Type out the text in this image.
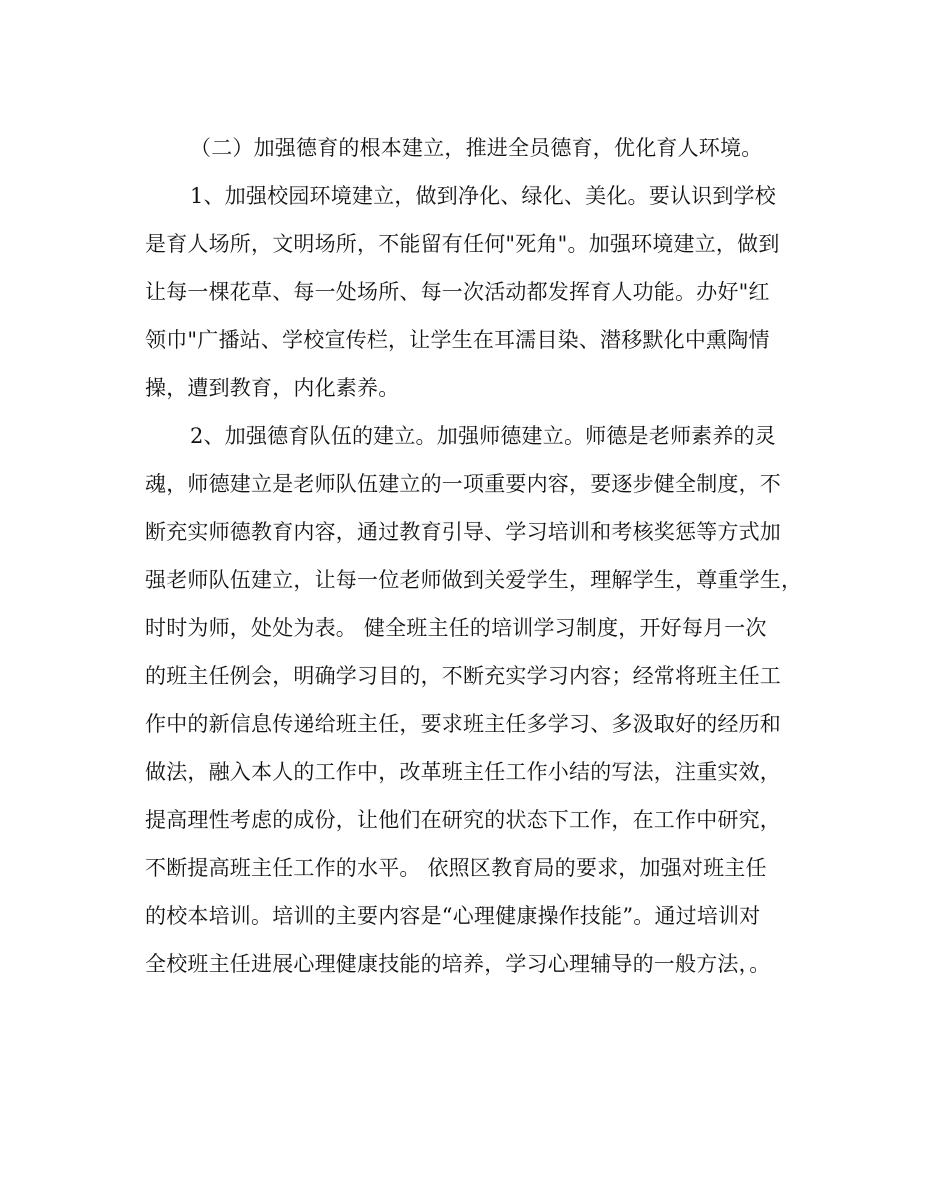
（二）加强德育的根本建立，推进全员德育，优化育人环境。
1、加强校园环境建立，做到净化、绿化、美化。要认识到学校
是育人场所，文明场所，不能留有任何"死角"。加强环境建立，做到
让每一棵花草、每一处场所、每一次活动都发挥育人功能。办好"红
领巾"广播站、学校宣传栏，让学生在耳濡目染、潜移默化中熏陶情
操，遭到教育，内化素养。
2、加强德育队伍的建立。加强师德建立。师德是老师素养的灵
魂，师德建立是老师队伍建立的一项重要内容，要逐步健全制度，不
断充实师德教育内容，通过教育引导、学习培训和考核奖惩等方式加
强老师队伍建立，让每一位老师做到关爱学生，理解学生，尊重学生，
时时为师，处处为表。 健全班主任的培训学习制度，开好每月一次
的班主任例会，明确学习目的，不断充实学习内容；经常将班主任工
作中的新信息传递给班主任，要求班主任多学习、多汲取好的经历和
做法，融入本人的工作中，改革班主任工作小结的写法，注重实效，
提高理性考虑的成份，让他们在研究的状态下工作，在工作中研究，
不断提高班主任工作的水平。 依照区教育局的要求，加强对班主任
的校本培训。培训的主要内容是“心理健康操作技能”。通过培训对
全校班主任进展心理健康技能的培养，学习心理辅导的一般方法，。
